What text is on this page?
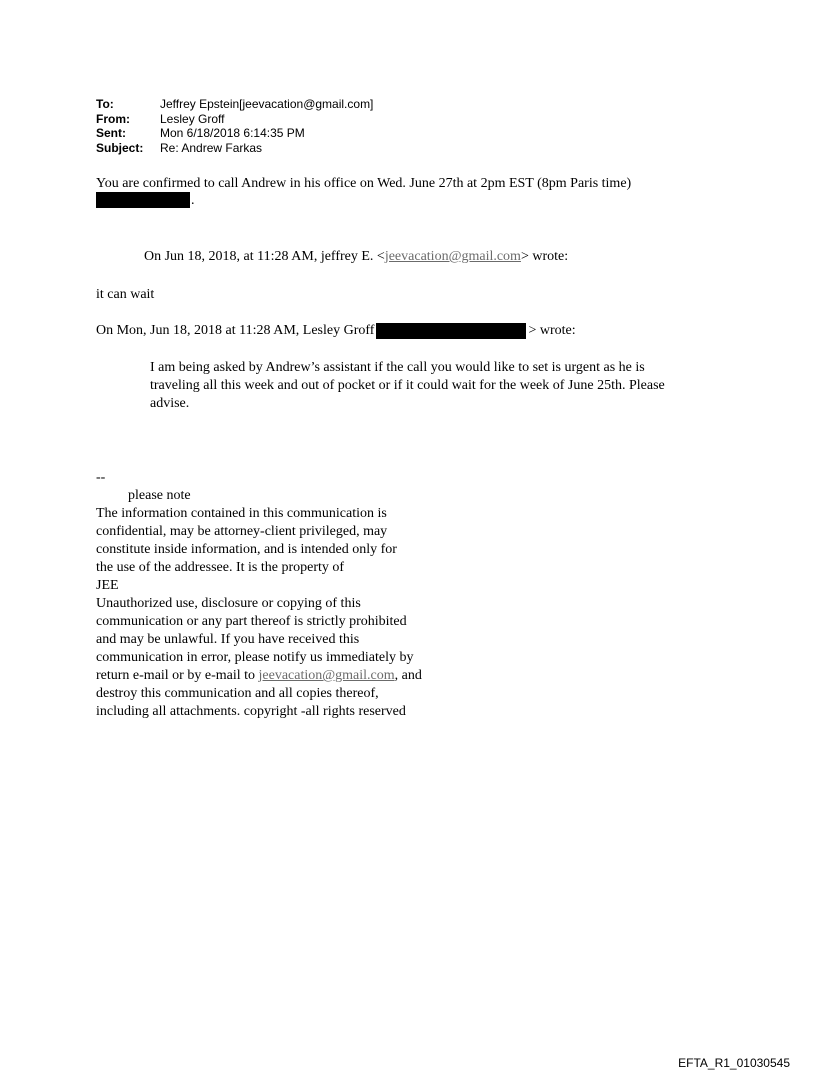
To:	Jeffrey Epstein[jeevacation@gmail.com]
From:	Lesley Groff
Sent:	Mon 6/18/2018 6:14:35 PM
Subject:	Re: Andrew Farkas
You are confirmed to call Andrew in his office on Wed. June 27th at 2pm EST (8pm Paris time)
.
On Jun 18, 2018, at 11:28 AM, jeffrey E. <jeevacation@gmail.com> wrote:
it can wait
On Mon, Jun 18, 2018 at 11:28 AM, Lesley Groff	> wrote:
I am being asked by Andrew’s assistant if the call you would like to set is urgent as he is traveling all this week and out of pocket or if it could wait for the week of June 25th. Please advise.
--
please note
The information contained in this communication is
confidential, may be attorney-client privileged, may
constitute inside information, and is intended only for
the use of the addressee. It is the property of
JEE
Unauthorized use, disclosure or copying of this
communication or any part thereof is strictly prohibited
and may be unlawful. If you have received this
communication in error, please notify us immediately by
return e-mail or by e-mail to jeevacation@gmail.com, and
destroy this communication and all copies thereof,
including all attachments. copyright -all rights reserved
EFTA_R1_01030545
